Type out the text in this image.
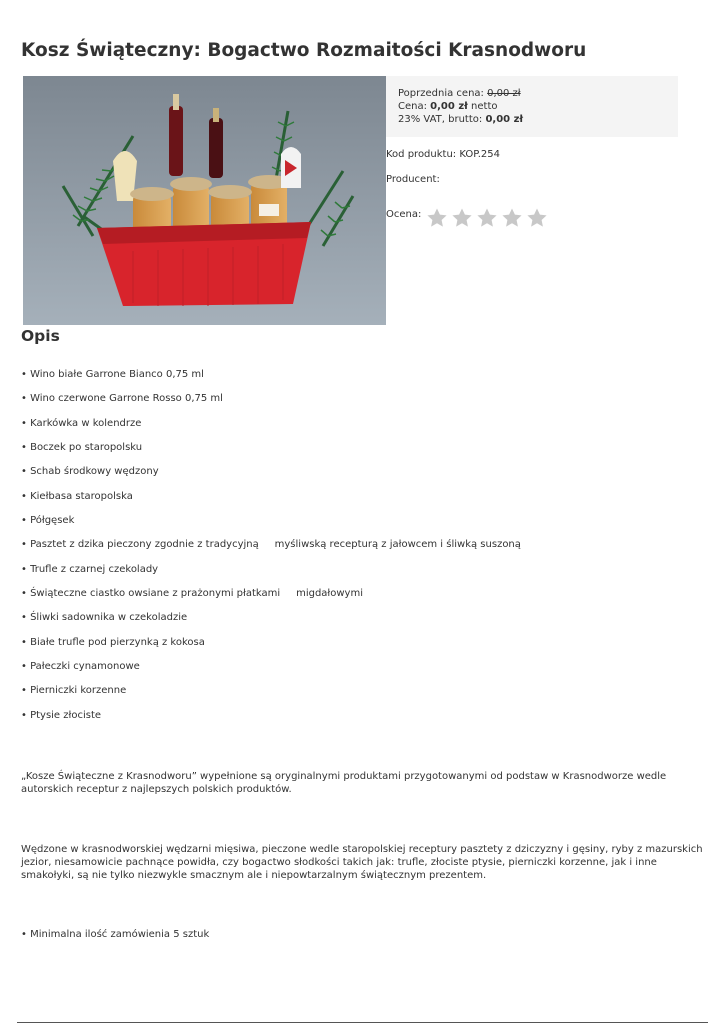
Kosz Świąteczny: Bogactwo Rozmaitości Krasnodworu
Poprzednia cena: 0,00 zł
Cena: 0,00 zł netto
23% VAT, brutto: 0,00 zł
Kod produktu: KOP.254
Producent:
Ocena:
Opis
• Wino białe Garrone Bianco 0,75 ml
• Wino czerwone Garrone Rosso 0,75 ml
• Karkówka w kolendrze
• Boczek po staropolsku
• Schab środkowy wędzony
• Kiełbasa staropolska
• Półgęsek
• Pasztet z dzika pieczony zgodnie z tradycyjną     myśliwską recepturą z jałowcem i śliwką suszoną
• Trufle z czarnej czekolady
• Świąteczne ciastko owsiane z prażonymi płatkami     migdałowymi
• Śliwki sadownika w czekoladzie
• Białe trufle pod pierzynką z kokosa
• Pałeczki cynamonowe
• Pierniczki korzenne
• Ptysie złociste

„Kosze Świąteczne z Krasnodworu” wypełnione są oryginalnymi produktami przygotowanymi od podstaw w Krasnodworze wedle autorskich receptur z najlepszych polskich produktów.

Wędzone w krasnodworskiej wędzarni mięsiwa, pieczone wedle staropolskiej receptury pasztety z dziczyzny i gęsiny, ryby z mazurskich jezior, niesamowicie pachnące powidła, czy bogactwo słodkości takich jak: trufle, złociste ptysie, pierniczki korzenne, jak i inne smakołyki, są nie tylko niezwykle smacznym ale i niepowtarzalnym świątecznym prezentem.

• Minimalna ilość zamówienia 5 sztuk
